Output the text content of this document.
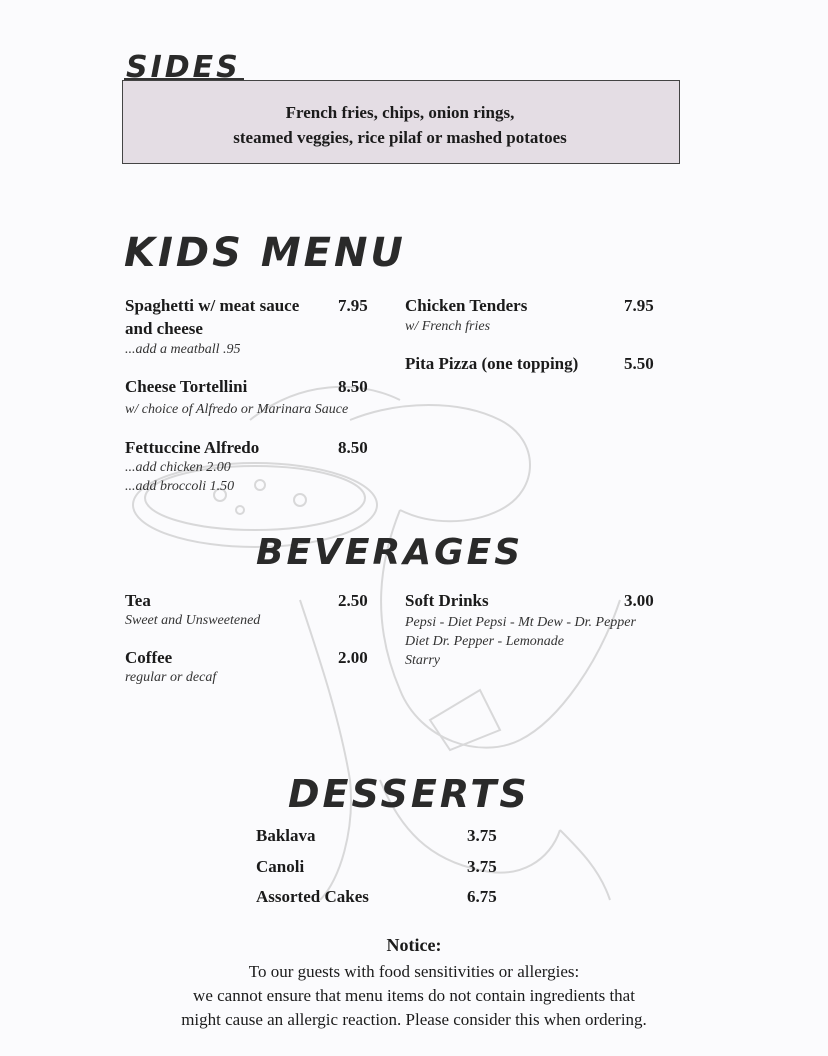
SIDES
French fries, chips, onion rings,
steamed veggies, rice pilaf or mashed potatoes
KIDS MENU
Spaghetti w/ meat sauce 7.95
and cheese
...add a meatball .95
Cheese Tortellini	8.50
w/ choice of Alfredo or Marinara Sauce
Fettuccine Alfredo	8.50
...add chicken 2.00
...add broccoli 1.50
Chicken Tenders	7.95
w/ French fries
Pita Pizza (one topping)	5.50
BEVERAGES
Tea	2.50
Sweet and Unsweetened
Coffee	2.00
regular or decaf
Soft Drinks	3.00
Pepsi - Diet Pepsi - Mt Dew - Dr. Pepper
Diet Dr. Pepper - Lemonade
Starry
DESSERTS
Baklava	3.75
Canoli	3.75
Assorted Cakes	6.75
Notice:
To our guests with food sensitivities or allergies:
we cannot ensure that menu items do not contain ingredients that
might cause an allergic reaction. Please consider this when ordering.
